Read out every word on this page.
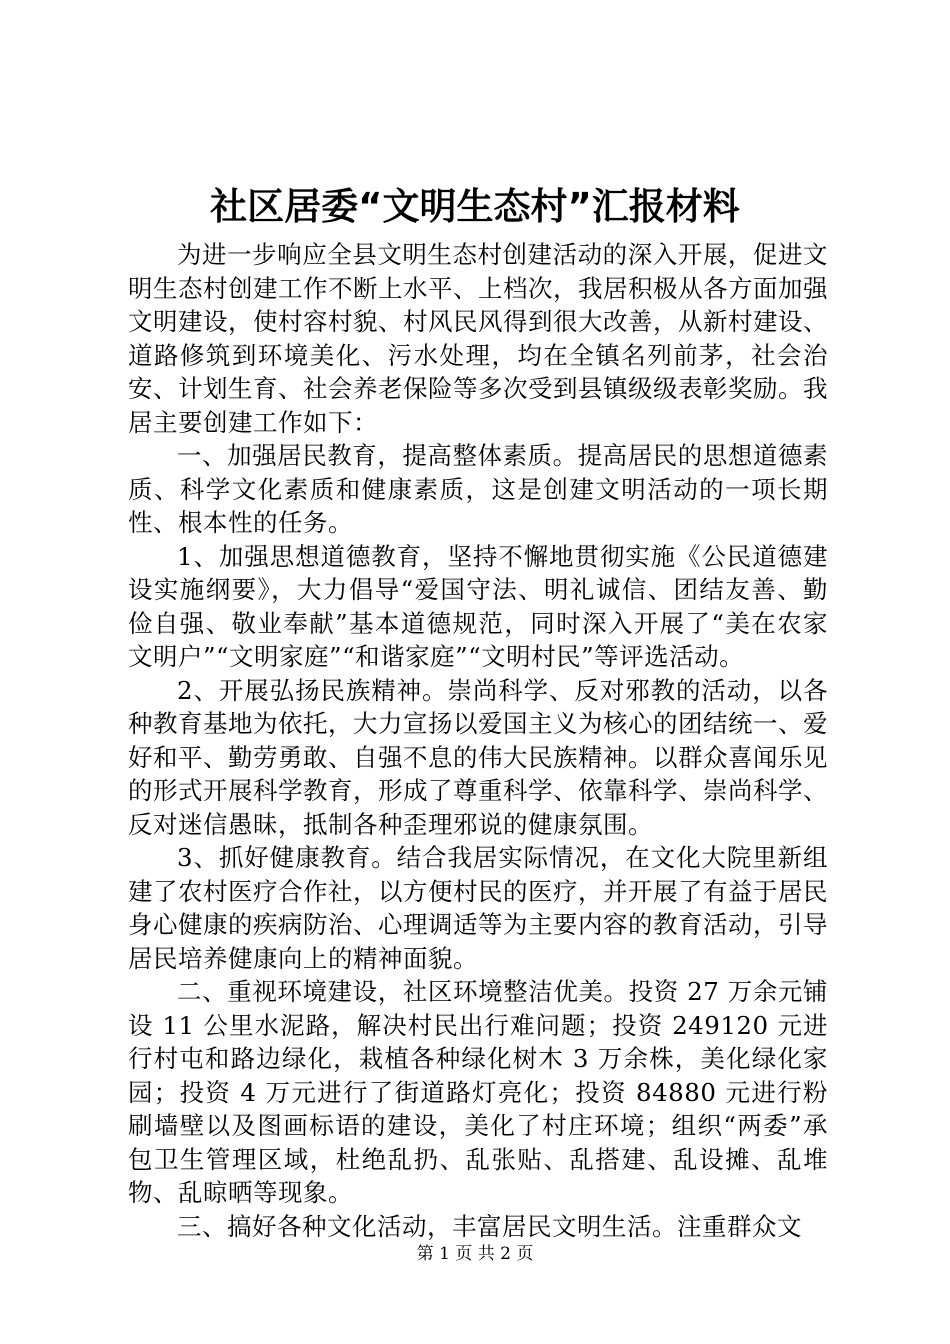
社区居委“文明生态村”汇报材料

为进一步响应全县文明生态村创建活动的深入开展，促进文明生态村创建工作不断上水平、上档次，我居积极从各方面加强文明建设，使村容村貌、村风民风得到很大改善，从新村建设、道路修筑到环境美化、污水处理，均在全镇名列前茅，社会治安、计划生育、社会养老保险等多次受到县镇级级表彰奖励。我居主要创建工作如下：

一、加强居民教育，提高整体素质。提高居民的思想道德素质、科学文化素质和健康素质，这是创建文明活动的一项长期性、根本性的任务。

1、加强思想道德教育，坚持不懈地贯彻实施《公民道德建设实施纲要》，大力倡导“爱国守法、明礼诚信、团结友善、勤俭自强、敬业奉献”基本道德规范，同时深入开展了“美在农家文明户”“文明家庭”“和谐家庭”“文明村民”等评选活动。

2、开展弘扬民族精神。崇尚科学、反对邪教的活动，以各种教育基地为依托，大力宣扬以爱国主义为核心的团结统一、爱好和平、勤劳勇敢、自强不息的伟大民族精神。以群众喜闻乐见的形式开展科学教育，形成了尊重科学、依靠科学、崇尚科学、反对迷信愚昧，抵制各种歪理邪说的健康氛围。

3、抓好健康教育。结合我居实际情况，在文化大院里新组建了农村医疗合作社，以方便村民的医疗，并开展了有益于居民身心健康的疾病防治、心理调适等为主要内容的教育活动，引导居民培养健康向上的精神面貌。

二、重视环境建设，社区环境整洁优美。投资 27 万余元铺设 11 公里水泥路，解决村民出行难问题；投资 249120 元进行村屯和路边绿化，栽植各种绿化树木 3 万余株，美化绿化家园；投资 4 万元进行了街道路灯亮化；投资 84880 元进行粉刷墙壁以及图画标语的建设，美化了村庄环境；组织“两委”承包卫生管理区域，杜绝乱扔、乱张贴、乱搭建、乱设摊、乱堆物、乱晾晒等现象。

三、搞好各种文化活动，丰富居民文明生活。注重群众文

第 1 页 共 2 页
